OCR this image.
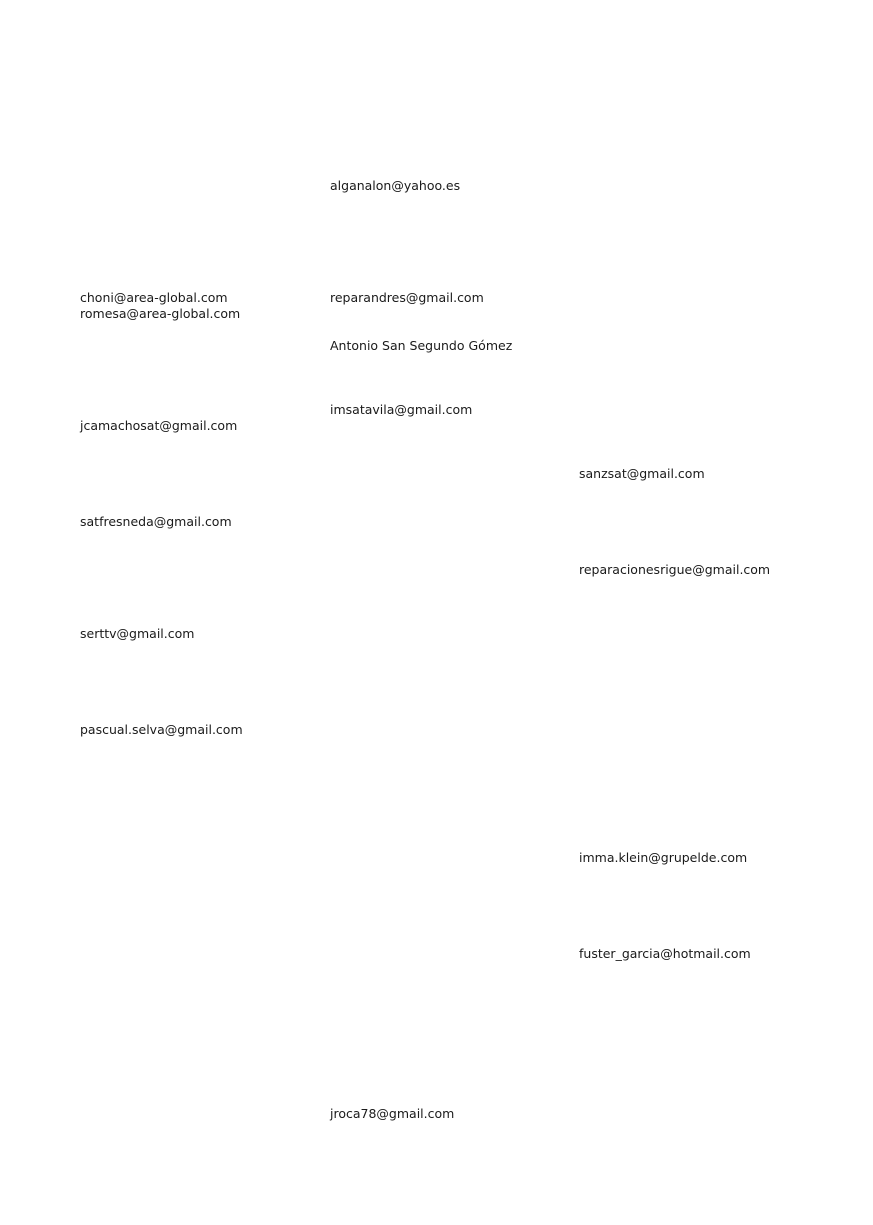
choni@area-global.com
romesa@area-global.com
jcamachosat@gmail.com
satfresneda@gmail.com
serttv@gmail.com
pascual.selva@gmail.com
alganalon@yahoo.es
reparandres@gmail.com
Antonio San Segundo Gómez
imsatavila@gmail.com
jroca78@gmail.com
sanzsat@gmail.com
reparacionesrigue@gmail.com
imma.klein@grupelde.com
fuster_garcia@hotmail.com
